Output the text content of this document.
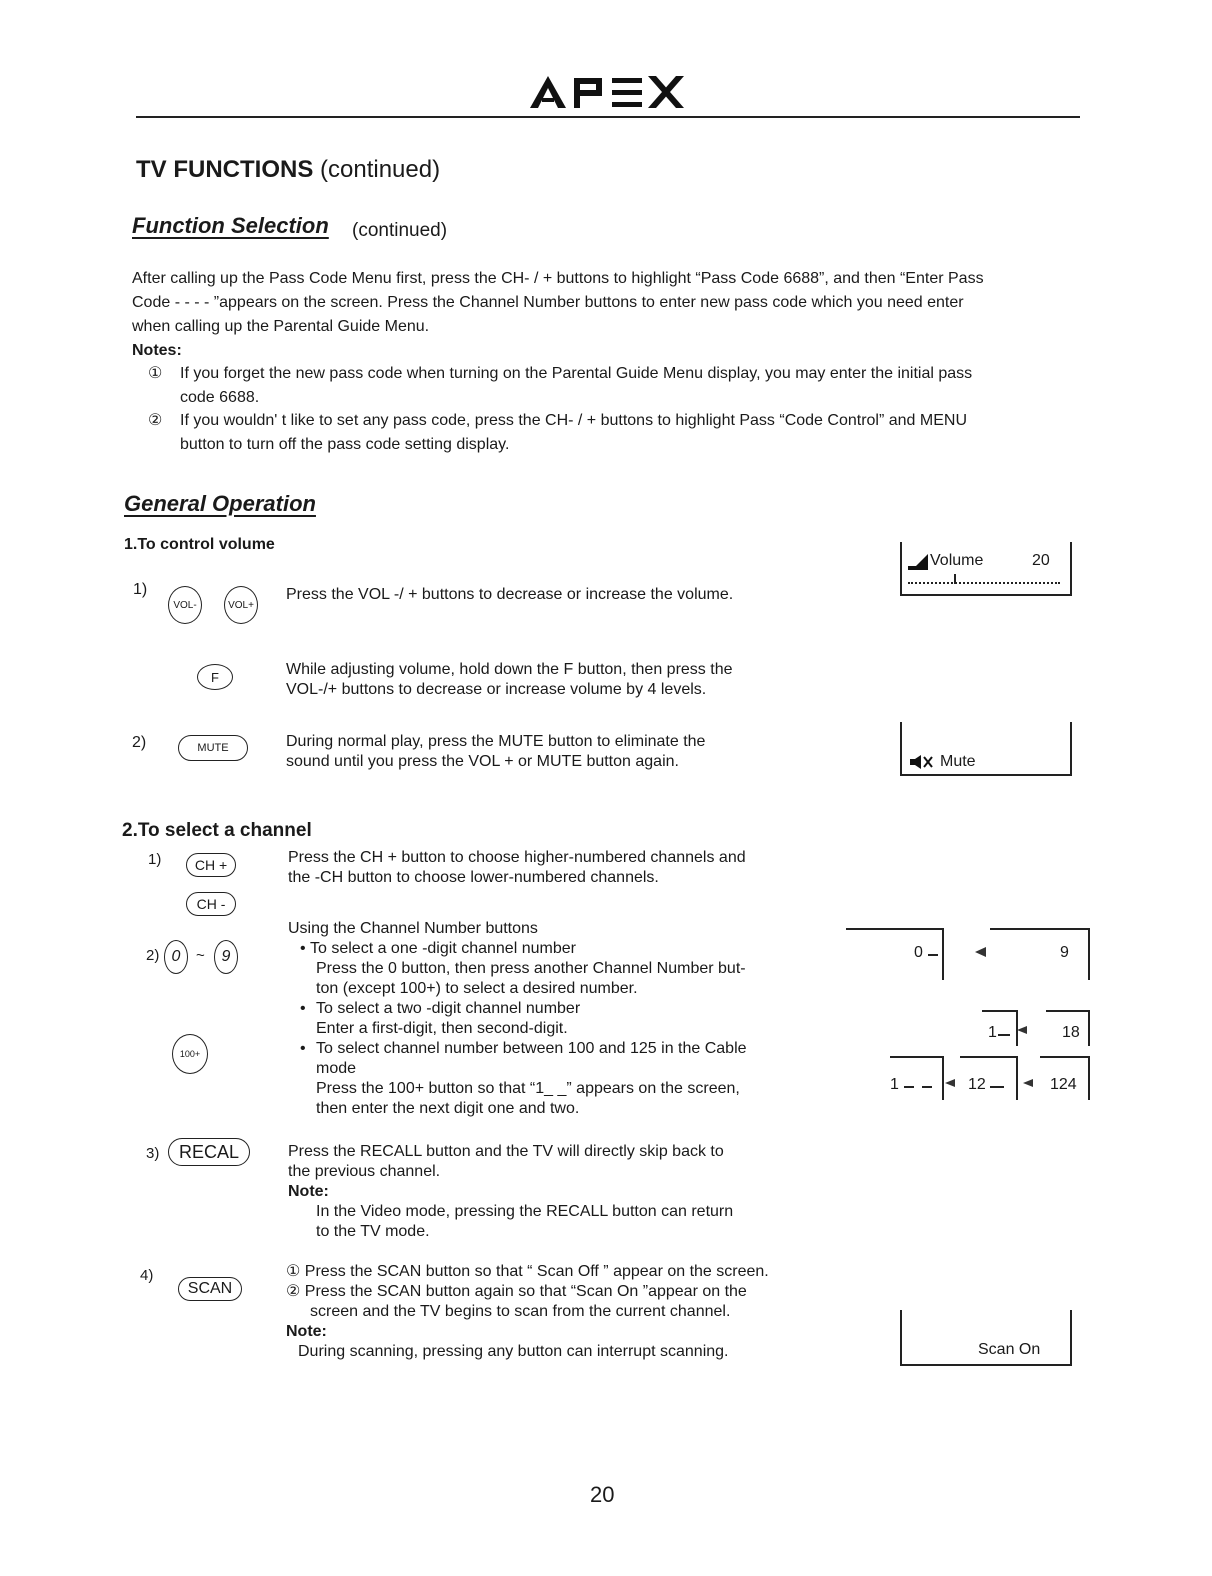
TV FUNCTIONS (continued)
Function Selection (continued)
After calling up the Pass Code Menu first, press the CH- / + buttons to highlight “Pass Code 6688”, and then “Enter Pass
Code - - - - ”appears on the screen. Press the Channel Number buttons to enter new pass code which you need enter
when calling up the Parental Guide Menu.
Notes:
① If you forget the new pass code when turning on the Parental Guide Menu display, you may enter the initial pass
code 6688.
② If you wouldn' t like to set any pass code, press the CH- / + buttons to highlight Pass “Code Control” and MENU
button to turn off the pass code setting display.
General Operation
1.To control volume
1)
VOL-	VOL+
Press the VOL -/ + buttons to decrease or increase the volume.
F	While adjusting volume, hold down the F button, then press the
VOL-/+ buttons to decrease or increase volume by 4 levels.
2)	MUTE	During normal play, press the MUTE button to eliminate the
sound until you press the VOL + or MUTE button again.
Volume	20
Mute
2.To select a channel
1)	CH +
CH -
Press the CH + button to choose higher-numbered channels and
the -CH button to choose lower-numbered channels.
2) 0	~	9
100+
Using the Channel Number buttons
• To select a one -digit channel number
Press the 0 button, then press another Channel Number but-
ton (except 100+) to select a desired number.
• To select a two -digit channel number
Enter a first-digit, then second-digit.
• To select channel number between 100 and 125 in the Cable
mode
Press the 100+ button so that “1_ _” appears on the screen,
then enter the next digit one and two.
0	9
1	18
1	12	124
3)	RECAL	Press the RECALL button and the TV will directly skip back to
the previous channel.
Note:
In the Video mode, pressing the RECALL button can return
to the TV mode.
4)
SCAN
① Press the SCAN button so that “ Scan Off ” appear on the screen.
② Press the SCAN button again so that “Scan On ”appear on the
screen and the TV begins to scan from the current channel.
Note:
During scanning, pressing any button can interrupt scanning.	Scan On
20
